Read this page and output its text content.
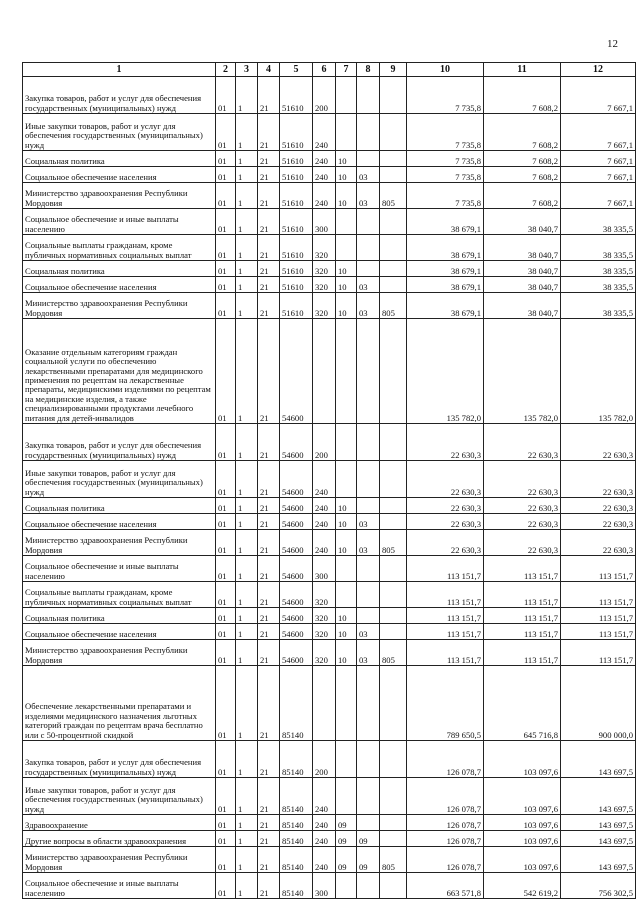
12
1	2	3	4	5	6	7	8	9	10	11	12
Закупка товаров, работ и услуг для обеспечения государственных (муниципальных) нужд	01	1	21	51610	200				7 735,8	7 608,2	7 667,1
Иные закупки товаров, работ и услуг для обеспечения государственных (муниципальных) нужд	01	1	21	51610	240				7 735,8	7 608,2	7 667,1
Социальная политика	01	1	21	51610	240	10			7 735,8	7 608,2	7 667,1
Социальное обеспечение населения	01	1	21	51610	240	10	03		7 735,8	7 608,2	7 667,1
Министерство здравоохранения Республики Мордовия	01	1	21	51610	240	10	03	805	7 735,8	7 608,2	7 667,1
Социальное обеспечение и иные выплаты населению	01	1	21	51610	300				38 679,1	38 040,7	38 335,5
Социальные выплаты гражданам, кроме публичных нормативных социальных выплат	01	1	21	51610	320				38 679,1	38 040,7	38 335,5
Социальная политика	01	1	21	51610	320	10			38 679,1	38 040,7	38 335,5
Социальное обеспечение населения	01	1	21	51610	320	10	03		38 679,1	38 040,7	38 335,5
Министерство здравоохранения Республики Мордовия	01	1	21	51610	320	10	03	805	38 679,1	38 040,7	38 335,5
Оказание отдельным категориям граждан социальной услуги по обеспечению лекарственными препаратами для медицинского применения по рецептам на лекарственные препараты, медицинскими изделиями по рецептам на медицинские изделия, а также специализированными продуктами лечебного питания для детей-инвалидов	01	1	21	54600					135 782,0	135 782,0	135 782,0
Закупка товаров, работ и услуг для обеспечения государственных (муниципальных) нужд	01	1	21	54600	200				22 630,3	22 630,3	22 630,3
Иные закупки товаров, работ и услуг для обеспечения государственных (муниципальных) нужд	01	1	21	54600	240				22 630,3	22 630,3	22 630,3
Социальная политика	01	1	21	54600	240	10			22 630,3	22 630,3	22 630,3
Социальное обеспечение населения	01	1	21	54600	240	10	03		22 630,3	22 630,3	22 630,3
Министерство здравоохранения Республики Мордовия	01	1	21	54600	240	10	03	805	22 630,3	22 630,3	22 630,3
Социальное обеспечение и иные выплаты населению	01	1	21	54600	300				113 151,7	113 151,7	113 151,7
Социальные выплаты гражданам, кроме публичных нормативных социальных выплат	01	1	21	54600	320				113 151,7	113 151,7	113 151,7
Социальная политика	01	1	21	54600	320	10			113 151,7	113 151,7	113 151,7
Социальное обеспечение населения	01	1	21	54600	320	10	03		113 151,7	113 151,7	113 151,7
Министерство здравоохранения Республики Мордовия	01	1	21	54600	320	10	03	805	113 151,7	113 151,7	113 151,7
Обеспечение лекарственными препаратами и изделиями медицинского назначения льготных категорий граждан по рецептам врача бесплатно или с 50-процентной скидкой	01	1	21	85140					789 650,5	645 716,8	900 000,0
Закупка товаров, работ и услуг для обеспечения государственных (муниципальных) нужд	01	1	21	85140	200				126 078,7	103 097,6	143 697,5
Иные закупки товаров, работ и услуг для обеспечения государственных (муниципальных) нужд	01	1	21	85140	240				126 078,7	103 097,6	143 697,5
Здравоохранение	01	1	21	85140	240	09			126 078,7	103 097,6	143 697,5
Другие вопросы в области здравоохранения	01	1	21	85140	240	09	09		126 078,7	103 097,6	143 697,5
Министерство здравоохранения Республики Мордовия	01	1	21	85140	240	09	09	805	126 078,7	103 097,6	143 697,5
Социальное обеспечение и иные выплаты населению	01	1	21	85140	300				663 571,8	542 619,2	756 302,5
